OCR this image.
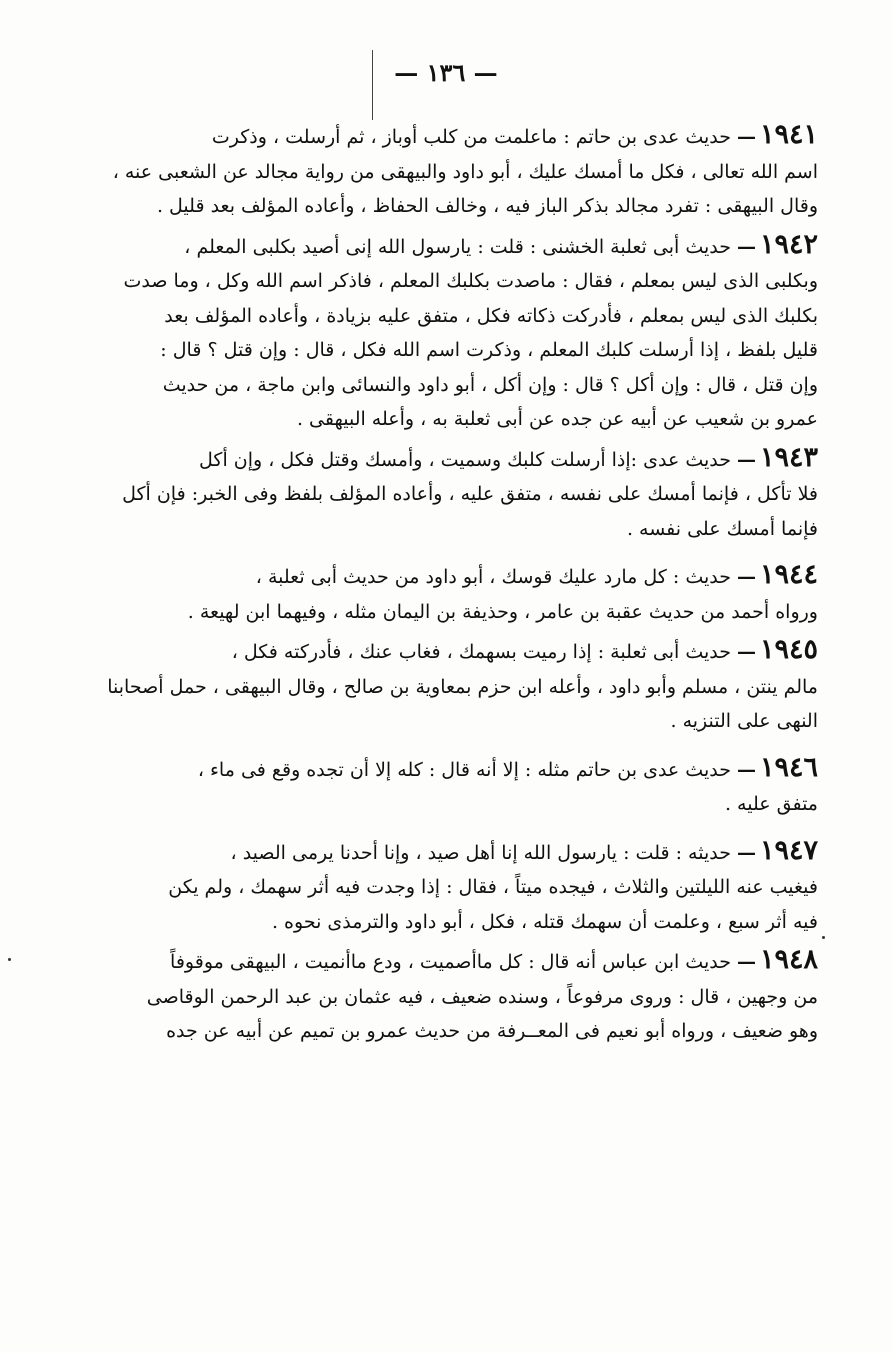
— ١٣٦ —
١٩٤١—حديث عدى بن حاتم : ماعلمت من كلب أوباز ، ثم أرسلت ، وذكرت
اسم الله تعالى ، فكل ما أمسك عليك ، أبو داود والبيهقى من رواية مجالد عن الشعبى عنه ،
وقال البيهقى : تفرد مجالد بذكر الباز فيه ، وخالف الحفاظ ، وأعاده المؤلف بعد قليل .
١٩٤٢—حديث أبى ثعلبة الخشنى : قلت : يارسول الله إنى أصيد بكلبى المعلم ،
وبكلبى الذى ليس بمعلم ، فقال : ماصدت بكلبك المعلم ، فاذكر اسم الله وكل ، وما صدت
بكلبك الذى ليس بمعلم ، فأدركت ذكاته فكل ، متفق عليه بزيادة ، وأعاده المؤلف بعد
قليل بلفظ ، إذا أرسلت كلبك المعلم ، وذكرت اسم الله فكل ، قال : وإن قتل ؟ قال :
وإن قتل ، قال : وإن أكل ؟ قال : وإن أكل ، أبو داود والنسائى وابن ماجة ، من حديث
عمرو بن شعيب عن أبيه عن جده عن أبى ثعلبة به ، وأعله البيهقى .
١٩٤٣—حديث عدى :إذا أرسلت كلبك وسميت ، وأمسك وقتل فكل ، وإن أكل
فلا تأكل ، فإنما أمسك على نفسه ، متفق عليه ، وأعاده المؤلف بلفظ وفى الخبر: فإن أكل
فإنما أمسك على نفسه .
١٩٤٤—حديث : كل مارد عليك قوسك ، أبو داود من حديث أبى ثعلبة ،
ورواه أحمد من حديث عقبة بن عامر ، وحذيفة بن اليمان مثله ، وفيهما ابن لهيعة .
١٩٤٥—حديث أبى ثعلبة : إذا رميت بسهمك ، فغاب عنك ، فأدركته فكل ،
مالم ينتن ، مسلم وأبو داود ، وأعله ابن حزم بمعاوية بن صالح ، وقال البيهقى ، حمل أصحابنا
النهى على التنزيه .
١٩٤٦—حديث عدى بن حاتم مثله : إلا أنه قال : كله إلا أن تجده وقع فى ماء ،
متفق عليه .
١٩٤٧—حديثه : قلت : يارسول الله إنا أهل صيد ، وإنا أحدنا يرمى الصيد ،
فيغيب عنه الليلتين والثلاث ، فيجده ميتاً ، فقال : إذا وجدت فيه أثر سهمك ، ولم يكن
فيه أثر سبع ، وعلمت أن سهمك قتله ، فكل ، أبو داود والترمذى نحوه .
١٩٤٨—حديث ابن عباس أنه قال : كل ماأصميت ، ودع ماأنميت ، البيهقى موقوفاً
من وجهين ، قال : وروى مرفوعاً ، وسنده ضعيف ، فيه عثمان بن عبد الرحمن الوقاصى
وهو ضعيف ، ورواه أبو نعيم فى المعــرفة من حديث عمرو بن تميم عن أبيه عن جده
